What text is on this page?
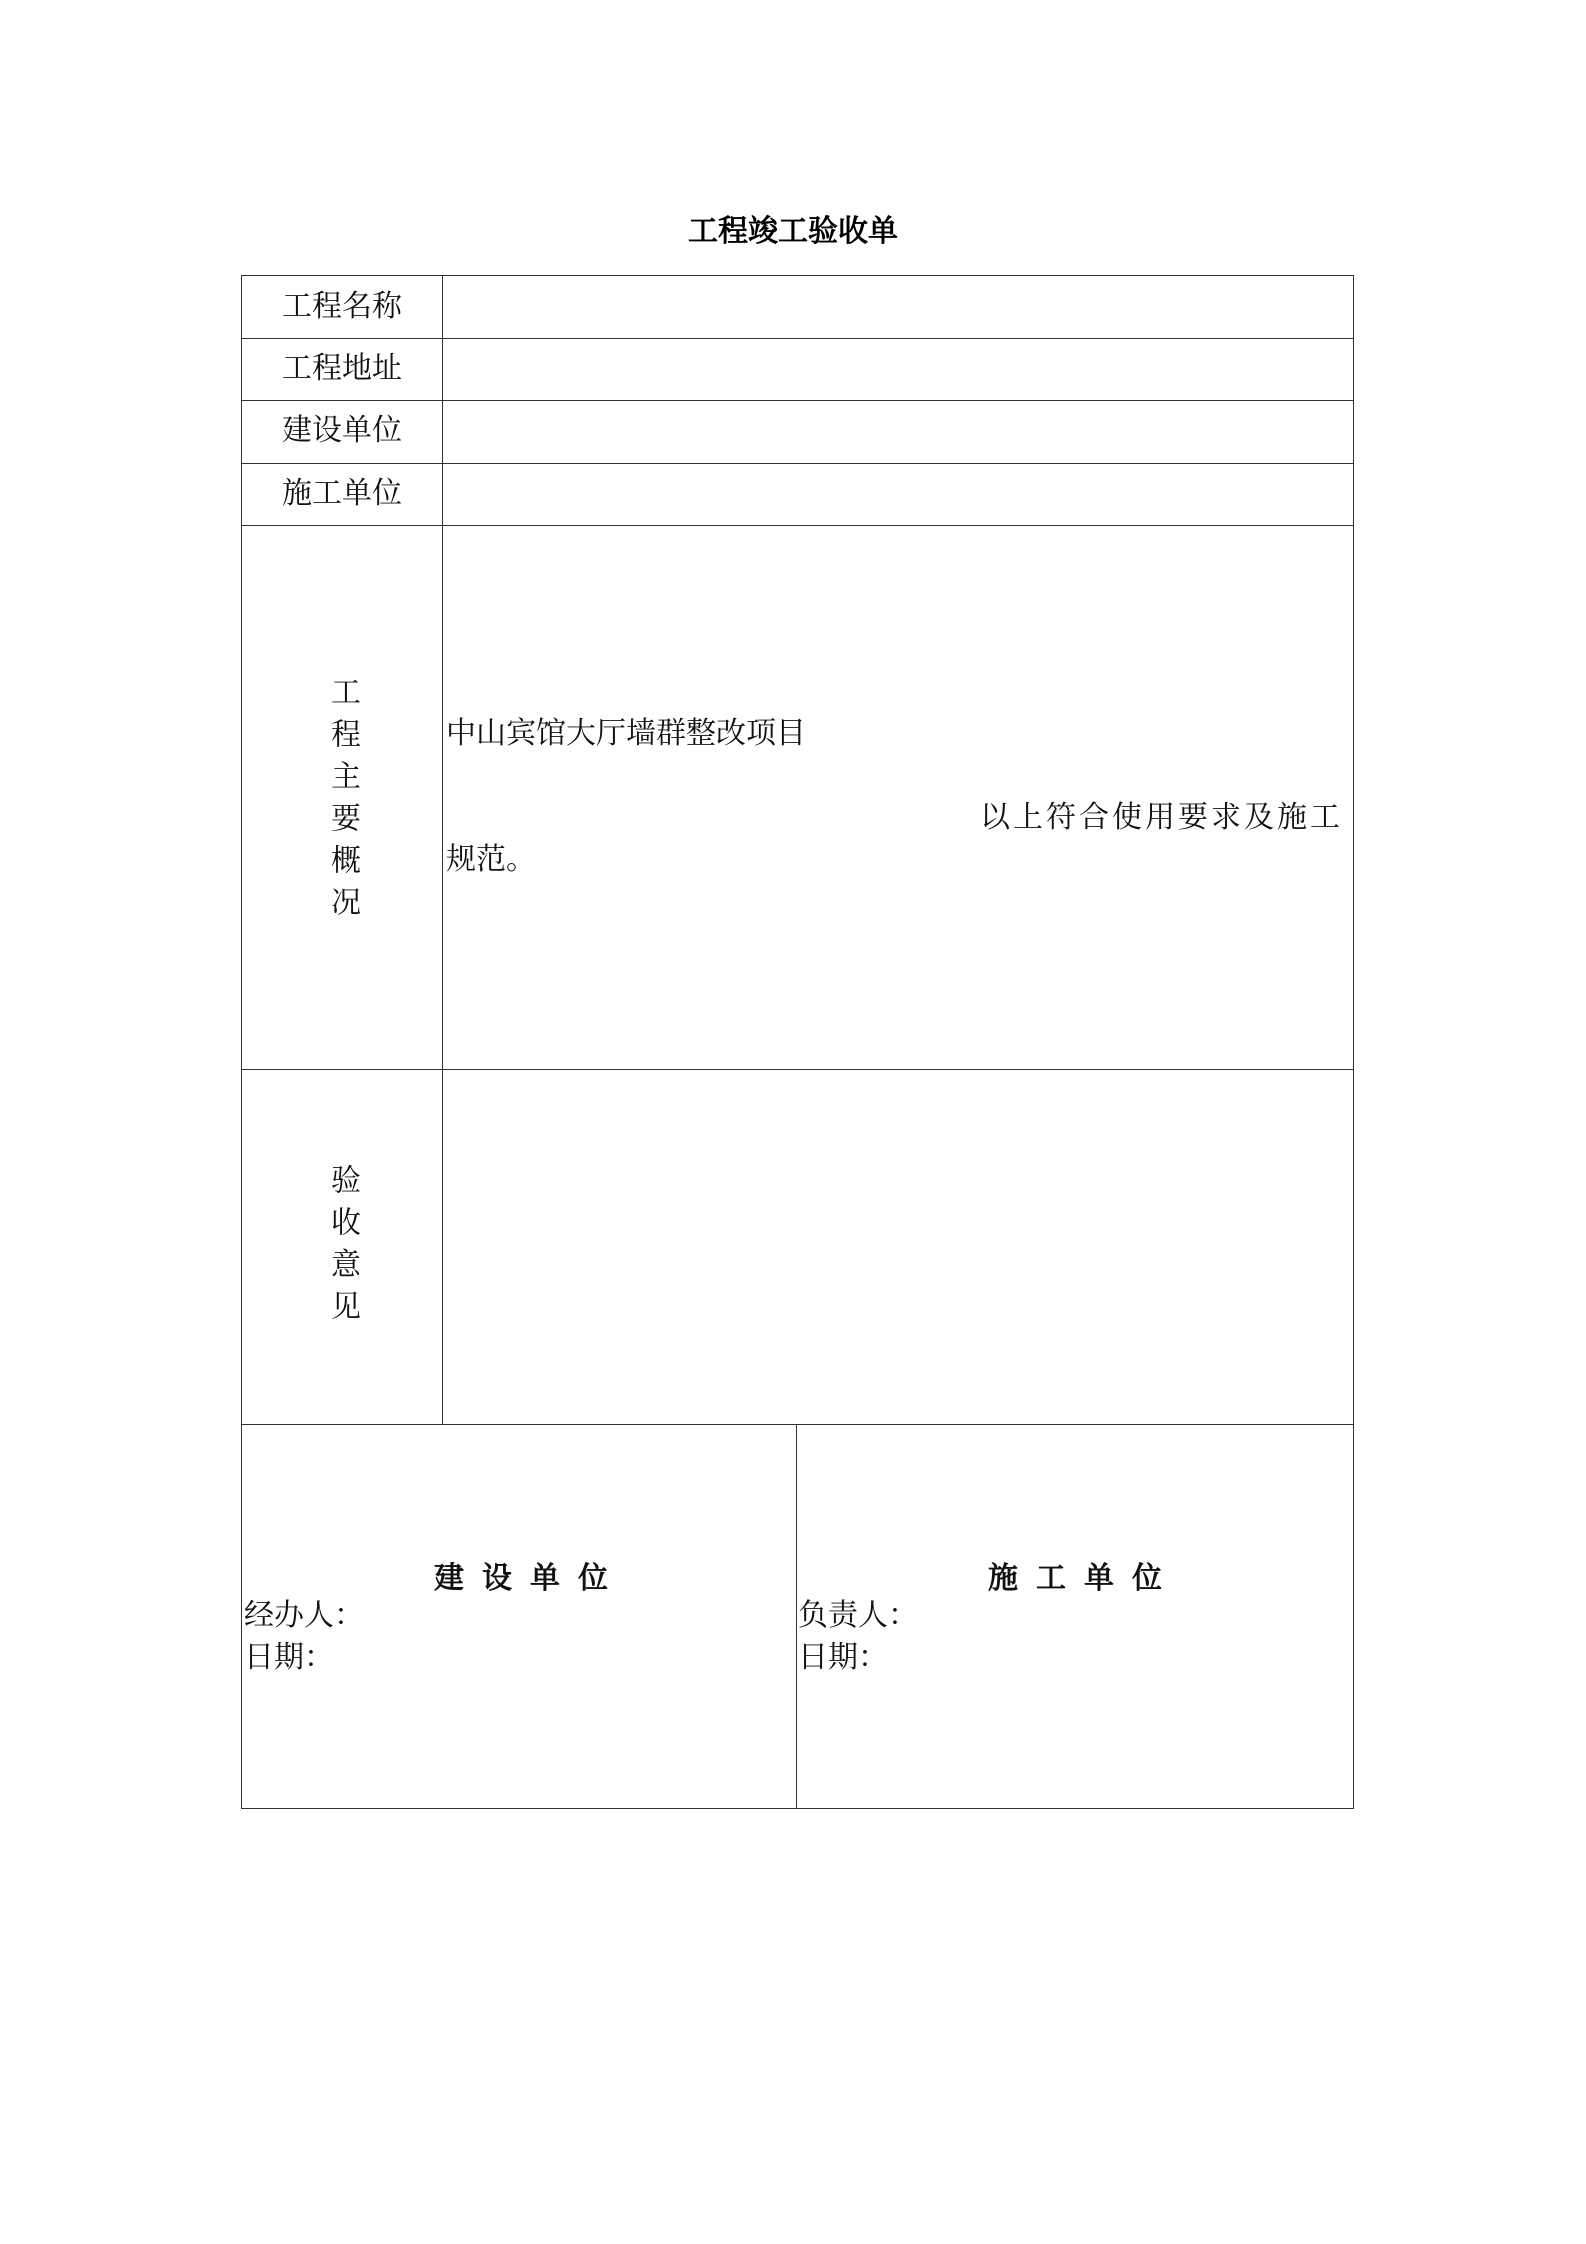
工程竣工验收单
工程名称
工程地址
建设单位
施工单位
工程主要概况	中山宾馆大厅墙群整改项目
以上符合使用要求及施工
规范。
验收意见
建设单位
经办人：
日期：
施工单位
负责人：
日期：
